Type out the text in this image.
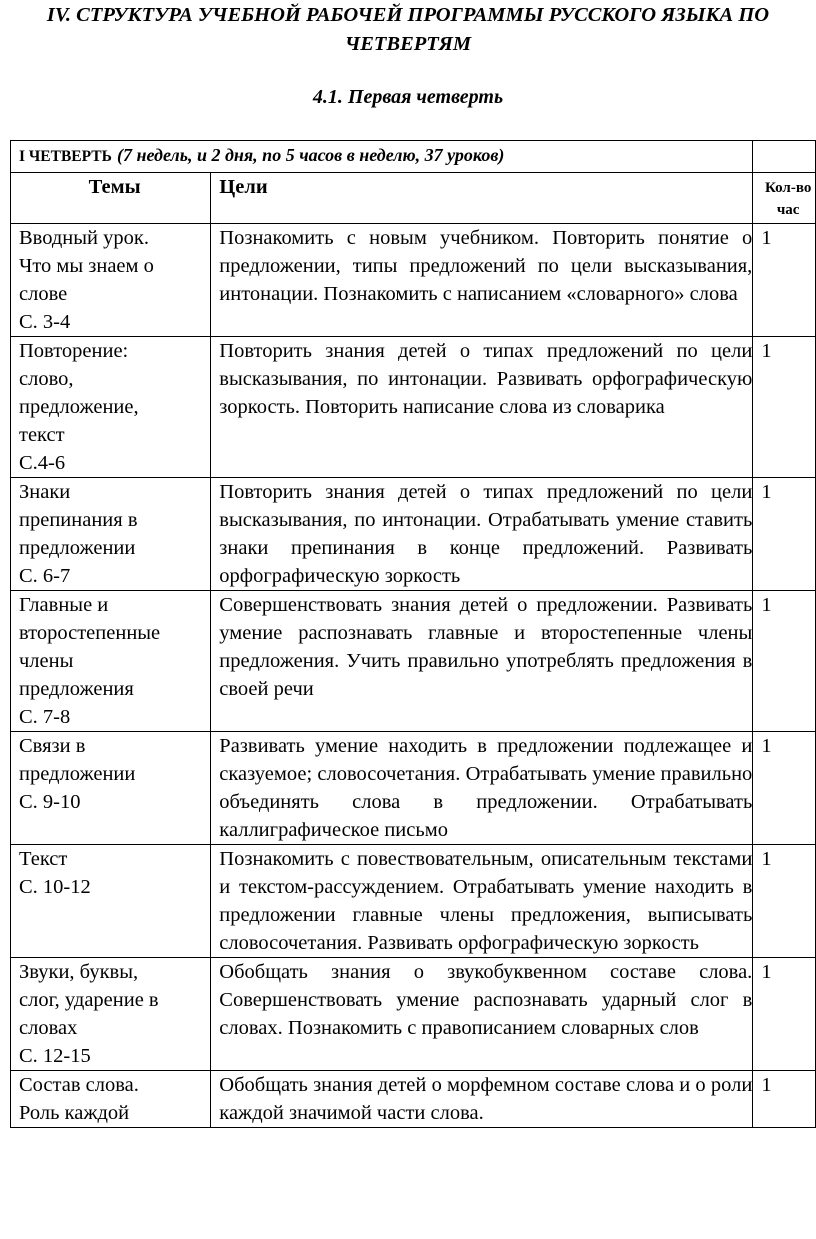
IV. СТРУКТУРА УЧЕБНОЙ РАБОЧЕЙ ПРОГРАММЫ РУССКОГО ЯЗЫКА ПО ЧЕТВЕРТЯМ
4.1. Первая четверть
I ЧЕТВЕРТЬ (7 недель, и 2 дня, по 5 часов в неделю, 37 уроков)		
Темы	Цели	Кол-во час

Вводный урок.
Что мы знаем о
слове
С. 3-4	Познакомить с новым учебником. Повторить понятие о предложении, типы предложений по цели высказывания, интонации. Познакомить с написанием «словарного» слова	1

Повторение:
слово,
предложение,
текст
С.4-6	Повторить знания детей о типах предложений по цели высказывания, по интонации. Развивать орфографическую зоркость. Повторить написание слова из словарика	1

Знаки
препинания в
предложении
С. 6-7	Повторить знания детей о типах предложений по цели высказывания, по интонации. Отрабатывать умение ставить знаки препинания в конце предложений. Развивать орфографическую зоркость	1

Главные и
второстепенные
члены
предложения
С. 7-8	Совершенствовать знания детей о предложении. Развивать умение распознавать главные и второстепенные члены предложения. Учить правильно употреблять предложения в своей речи	1

Связи в
предложении
С. 9-10	Развивать умение находить в предложении подлежащее и сказуемое; словосочетания. Отрабатывать умение правильно объединять слова в предложении. Отрабатывать каллиграфическое письмо	1

Текст
С. 10-12	Познакомить с повествовательным, описательным текстами и текстом-рассуждением. Отрабатывать умение находить в предложении главные члены предложения, выписывать словосочетания. Развивать орфографическую зоркость	1

Звуки, буквы,
слог, ударение в
словах
С. 12-15	Обобщать знания о звукобуквенном составе слова. Совершенствовать умение распознавать ударный слог в словах. Познакомить с правописанием словарных слов	1

Состав слова.
Роль каждой	Обобщать знания детей о морфемном составе слова и о роли каждой значимой части слова.	1
